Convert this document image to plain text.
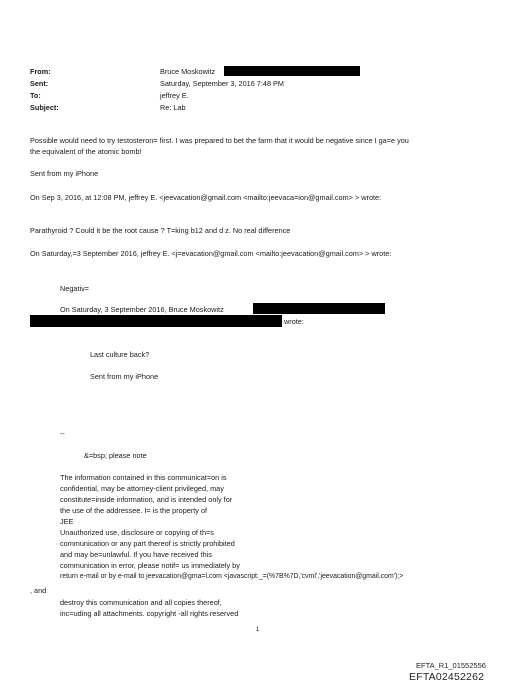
From:	Bruce Moskowitz
Sent:	Saturday, September 3, 2016 7:48 PM
To:	jeffrey E.
Subject:	Re: Lab
Possible would need to try testosteron= first. I was prepared to bet the farm that it would be negative since I ga=e you
the equivalent of the atomic bomb!
Sent from my iPhone
On Sep 3, 2016, at 12:08 PM, jeffrey E. <jeevacation@gmail.com <mailto:jeevaca=ion@gmail.com> > wrote:
Parathyroid ? Could it be the root cause ? T=king b12 and d z. No real difference
On Saturday,=3 September 2016, jeffrey E. <j=evacation@gmail.com <mailto:jeevacation@gmail.com> > wrote:
Negativ=
On Saturday, 3 September 2016, Bruce Moskowitz
wrote:
Last culture back?
Sent from my iPhone
--
&=bsp; please note
The information contained in this communicat=on is
confidential, may be attorney-client privileged, may
constitute=inside information, and is intended only for
the use of the addressee. I= is the property of
JEE
Unauthorized use, disclosure or copying of th=s
communication or any part thereof is strictly prohibited
and may be=unlawful. If you have received this
communication in error, please notif= us immediately by
return e-mail or by e-mail to jeevacation@gma=l.com <javascript:_=(%7B%7D,'cvml','jeevacation@gmail.com');>
, and
destroy this communication and all copies thereof,
inc=uding all attachments. copyright -all rights reserved
1
EFTA_R1_01552556
EFTA02452262
